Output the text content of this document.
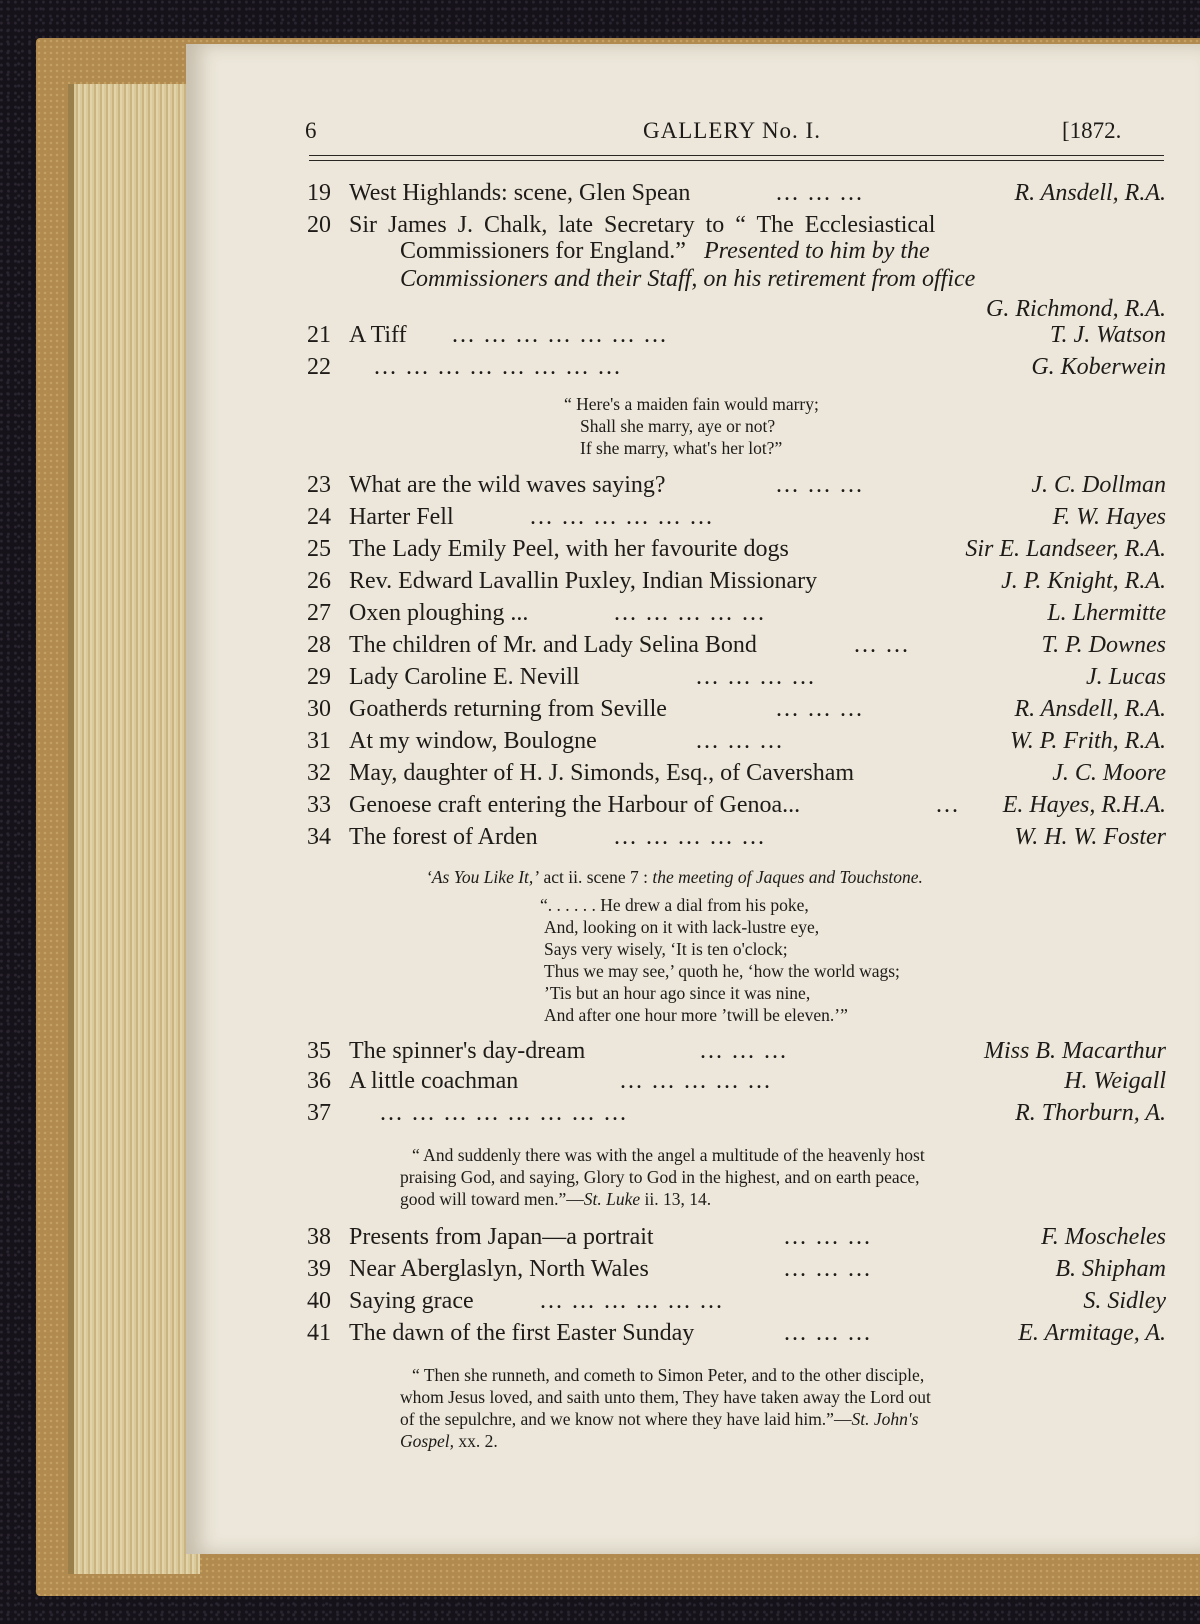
6	GALLERY No. I.	[1872.
19 West Highlands: scene, Glen Spean	... ... ...	R. Ansdell, R.A.
20 Sir James J. Chalk, late Secretary to “ The Ecclesiastical
Commissioners for England.” Presented to him by the
Commissioners and their Staff, on his retirement from office
G. Richmond, R.A.
21 A Tiff ... ... ... ... ... ... ...	T. J. Watson
22 ... ... ... ... ... ... ... ...	G. Koberwein
“ Here's a maiden fain would marry;
Shall she marry, aye or not?
If she marry, what's her lot?”
23 What are the wild waves saying?	... ... ...	J. C. Dollman
24 Harter Fell	... ... ... ... ... ...	F. W. Hayes
25 The Lady Emily Peel, with her favourite dogs	Sir E. Landseer, R.A.
26 Rev. Edward Lavallin Puxley, Indian Missionary	J. P. Knight, R.A.
27 Oxen ploughing ...	... ... ... ... ...	L. Lhermitte
28 The children of Mr. and Lady Selina Bond	... ...	T. P. Downes
29 Lady Caroline E. Nevill	... ... ... ...	J. Lucas
30 Goatherds returning from Seville	... ... ...	R. Ansdell, R.A.
31 At my window, Boulogne	... ... ...	W. P. Frith, R.A.
32 May, daughter of H. J. Simonds, Esq., of Caversham	J. C. Moore
33 Genoese craft entering the Harbour of Genoa...	... E. Hayes, R.H.A.
34 The forest of Arden	... ... ... ... ...	W. H. W. Foster
‘As You Like It,’ act ii. scene 7 : the meeting of Jaques and Touchstone.
“. . . . . . He drew a dial from his poke,
And, looking on it with lack-lustre eye,
Says very wisely, ‘It is ten o'clock;
Thus we may see,’ quoth he, ‘how the world wags;
’Tis but an hour ago since it was nine,
And after one hour more ’twill be eleven.’”
35 The spinner's day-dream	... ... ...	Miss B. Macarthur
36 A little coachman	... ... ... ... ...	H. Weigall
37 ... ... ... ... ... ... ... ...	R. Thorburn, A.
“ And suddenly there was with the angel a multitude of the heavenly host
praising God, and saying, Glory to God in the highest, and on earth peace,
good will toward men.”—St. Luke ii. 13, 14.
38 Presents from Japan—a portrait	... ... ...	F. Moscheles
39 Near Aberglaslyn, North Wales	... ... ...	B. Shipham
40 Saying grace	... ... ... ... ... ...	S. Sidley
41 The dawn of the first Easter Sunday	... ... ...	E. Armitage, A.
“ Then she runneth, and cometh to Simon Peter, and to the other disciple,
whom Jesus loved, and saith unto them, They have taken away the Lord out
of the sepulchre, and we know not where they have laid him.”—St. John's
Gospel, xx. 2.
